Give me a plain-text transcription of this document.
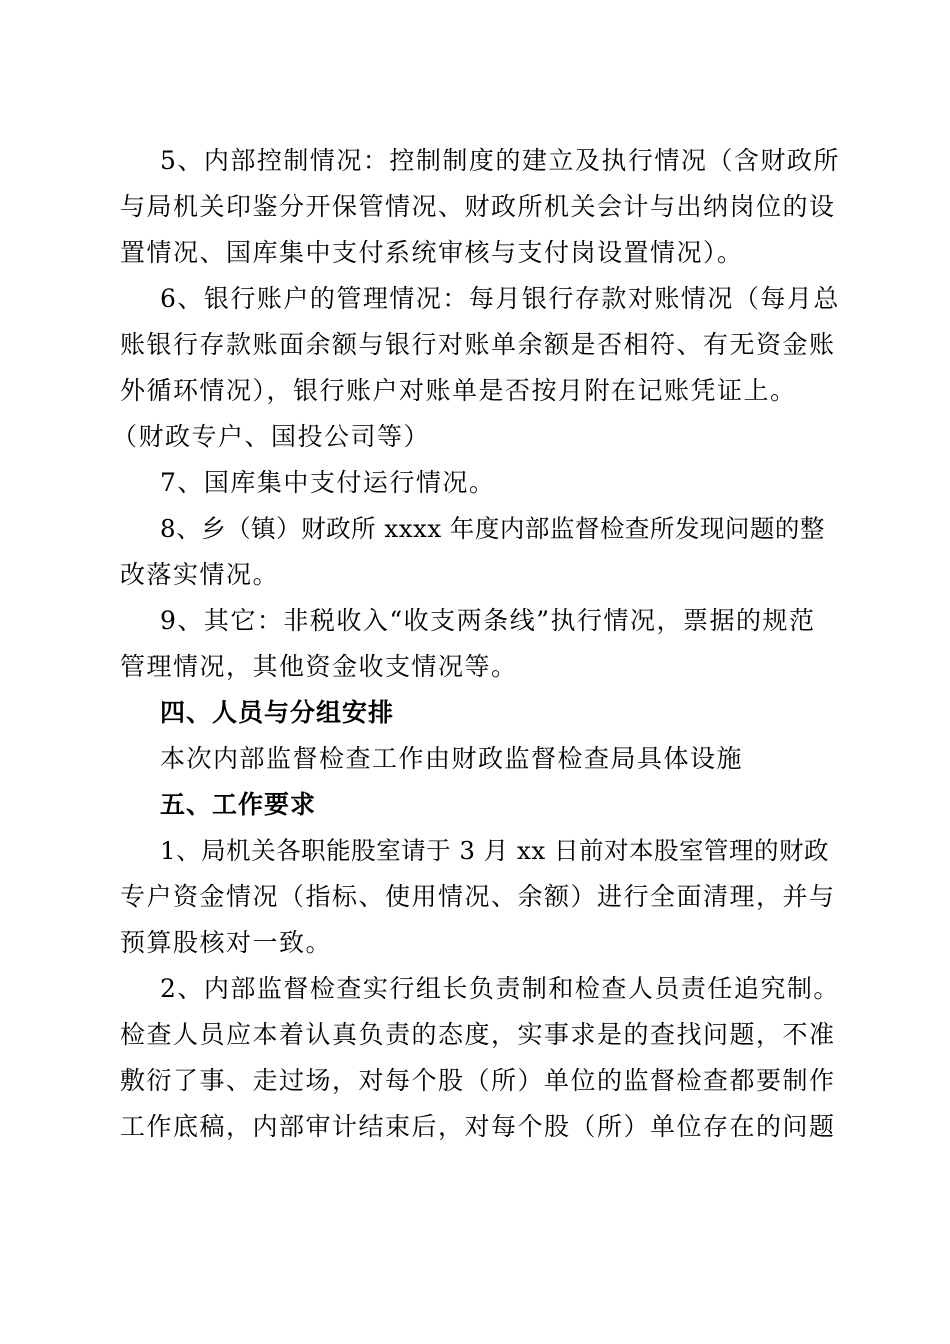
5、内部控制情况：控制制度的建立及执行情况（含财政所
与局机关印鉴分开保管情况、财政所机关会计与出纳岗位的设
置情况、国库集中支付系统审核与支付岗设置情况）。
6、银行账户的管理情况：每月银行存款对账情况（每月总
账银行存款账面余额与银行对账单余额是否相符、有无资金账
外循环情况），银行账户对账单是否按月附在记账凭证上。
（财政专户、国投公司等）
7、国库集中支付运行情况。
8、乡（镇）财政所 xxxx 年度内部监督检查所发现问题的整
改落实情况。
9、其它：非税收入“收支两条线”执行情况，票据的规范
管理情况，其他资金收支情况等。
四、人员与分组安排
本次内部监督检查工作由财政监督检查局具体设施
五、工作要求
1、局机关各职能股室请于 3 月 xx 日前对本股室管理的财政
专户资金情况（指标、使用情况、余额）进行全面清理，并与
预算股核对一致。
2、内部监督检查实行组长负责制和检查人员责任追究制。
检查人员应本着认真负责的态度，实事求是的查找问题，不准
敷衍了事、走过场，对每个股（所）单位的监督检查都要制作
工作底稿，内部审计结束后，对每个股（所）单位存在的问题
